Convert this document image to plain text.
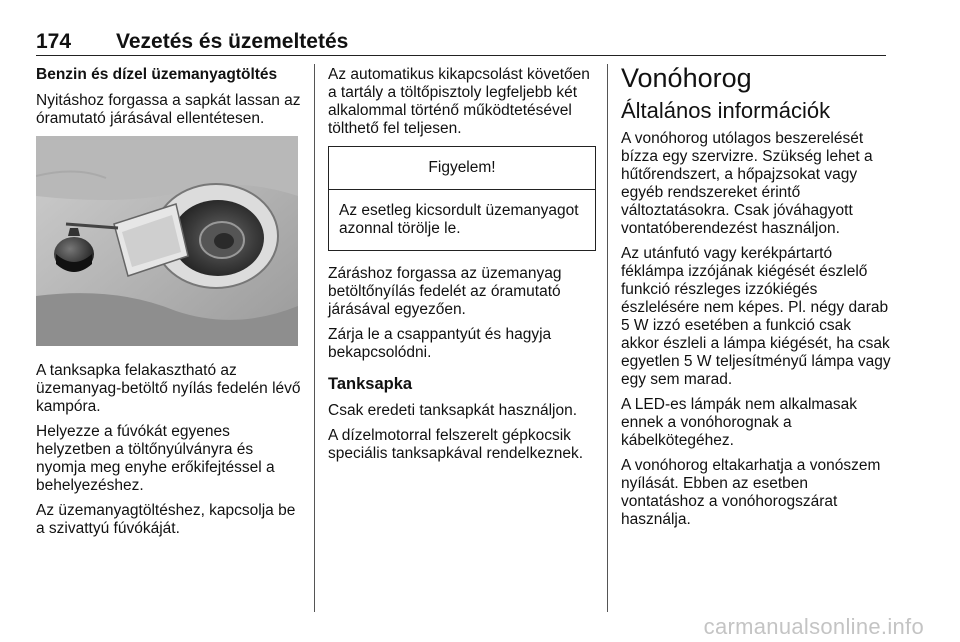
174 Vezetés és üzemeltetés
Benzin és dízel üzemanyagtöltés

Nyitáshoz forgassa a sapkát lassan az óramutató járásával ellentétesen.

A tanksapka felakasztható az üzemanyag-betöltő nyílás fedelén lévő kampóra.

Helyezze a fúvókát egyenes helyzetben a töltőnyúlványra és nyomja meg enyhe erőkifejtéssel a behelyezéshez.

Az üzemanyagtöltéshez, kapcsolja be a szivattyú fúvókáját.

Az automatikus kikapcsolást követően a tartály a töltőpisztoly legfeljebb két alkalommal történő működtetésével tölthető fel teljesen.

Figyelem!
Az esetleg kicsordult üzemanyagot azonnal törölje le.

Záráshoz forgassa az üzemanyag betöltőnyílás fedelét az óramutató járásával egyezően.

Zárja le a csappantyút és hagyja bekapcsolódni.

Tanksapka

Csak eredeti tanksapkát használjon.

A dízelmotorral felszerelt gépkocsik speciális tanksapkával rendelkeznek.

Vonóhorog
Általános információk

A vonóhorog utólagos beszerelését bízza egy szervizre. Szükség lehet a hűtőrendszert, a hőpajzsokat vagy egyéb rendszereket érintő változtatásokra. Csak jóváhagyott vontatóberendezést használjon.

Az utánfutó vagy kerékpártartó féklámpa izzójának kiégését észlelő funkció részleges izzókiégés észlelésére nem képes. Pl. négy darab 5 W izzó esetében a funkció csak akkor észleli a lámpa kiégését, ha csak egyetlen 5 W teljesítményű lámpa vagy egy sem marad.

A LED-es lámpák nem alkalmasak ennek a vonóhorognak a kábelkötegéhez.

A vonóhorog eltakarhatja a vonószem nyílását. Ebben az esetben vontatáshoz a vonóhorogszárat használja.

carmanualsonline.info
